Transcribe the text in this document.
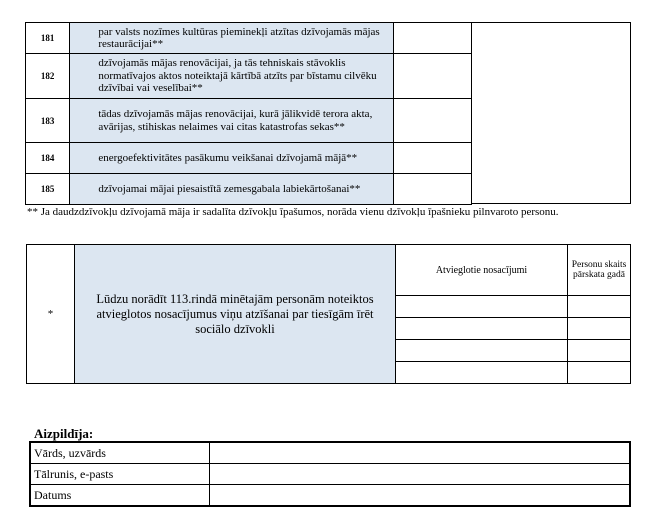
181	par valsts nozīmes kultūras pieminekļi atzītas dzīvojamās mājas restaurācijai**	
182	dzīvojamās mājas renovācijai, ja tās tehniskais stāvoklis normatīvajos aktos noteiktajā kārtībā atzīts par bīstamu cilvēku dzīvībai vai veselībai**	
183	tādas dzīvojamās mājas renovācijai, kurā jālikvidē terora akta, avārijas, stihiskas nelaimes vai citas katastrofas sekas**	
184	energoefektivitātes pasākumu veikšanai dzīvojamā mājā**	
185	dzīvojamai mājai piesaistītā zemesgabala labiekārtošanai**	
** Ja daudzdzīvokļu dzīvojamā māja ir sadalīta dzīvokļu īpašumos, norāda vienu dzīvokļu īpašnieku pilnvaroto personu.
*	Lūdzu norādīt 113.rindā minētajām personām noteiktos atvieglotos nosacījumus viņu atzīšanai par tiesīgām īrēt sociālo dzīvokli	Atvieglotie nosacījumi	Personu skaits pārskata gadā

Aizpildīja:
Vārds, uzvārds	
Tālrunis, e-pasts	
Datums	
